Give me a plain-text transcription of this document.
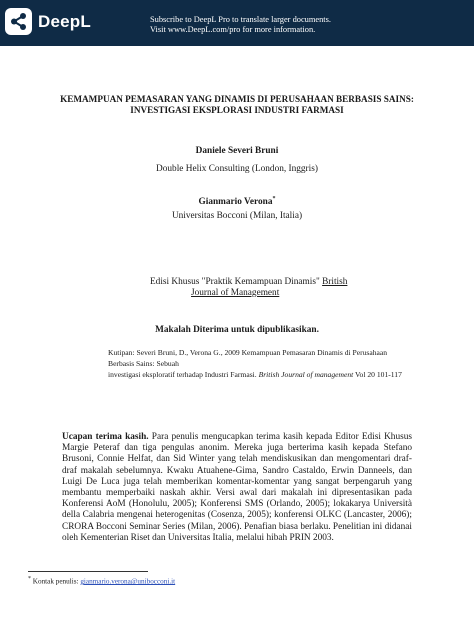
DeepL	Subscribe to DeepL Pro to translate larger documents.
Visit www.DeepL.com/pro for more information.
KEMAMPUAN PEMASARAN YANG DINAMIS DI PERUSAHAAN BERBASIS SAINS:
INVESTIGASI EKSPLORASI INDUSTRI FARMASI
Daniele Severi Bruni
Double Helix Consulting (London, Inggris)
Gianmario Verona*
Universitas Bocconi (Milan, Italia)
Edisi Khusus "Praktik Kemampuan Dinamis" British
Journal of Management
Makalah Diterima untuk dipublikasikan.
Kutipan: Severi Bruni, D., Verona G., 2009 Kemampuan Pemasaran Dinamis di Perusahaan Berbasis Sains: Sebuah
investigasi eksploratif terhadap Industri Farmasi. British Journal of management Vol 20 101-117
Ucapan terima kasih. Para penulis mengucapkan terima kasih kepada Editor Edisi Khusus Margie Peteraf dan tiga pengulas anonim. Mereka juga berterima kasih kepada Stefano Brusoni, Connie Helfat, dan Sid Winter yang telah mendiskusikan dan mengomentari draf-draf makalah sebelumnya. Kwaku Atuahene-Gima, Sandro Castaldo, Erwin Danneels, dan Luigi De Luca juga telah memberikan komentar-komentar yang sangat berpengaruh yang membantu memperbaiki naskah akhir. Versi awal dari makalah ini dipresentasikan pada Konferensi AoM (Honolulu, 2005); Konferensi SMS (Orlando, 2005); lokakarya Università della Calabria mengenai heterogenitas (Cosenza, 2005); konferensi OLKC (Lancaster, 2006); CRORA Bocconi Seminar Series (Milan, 2006). Penafian biasa berlaku. Penelitian ini didanai oleh Kementerian Riset dan Universitas Italia, melalui hibah PRIN 2003.
* Kontak penulis: gianmario.verona@unibocconi.it
